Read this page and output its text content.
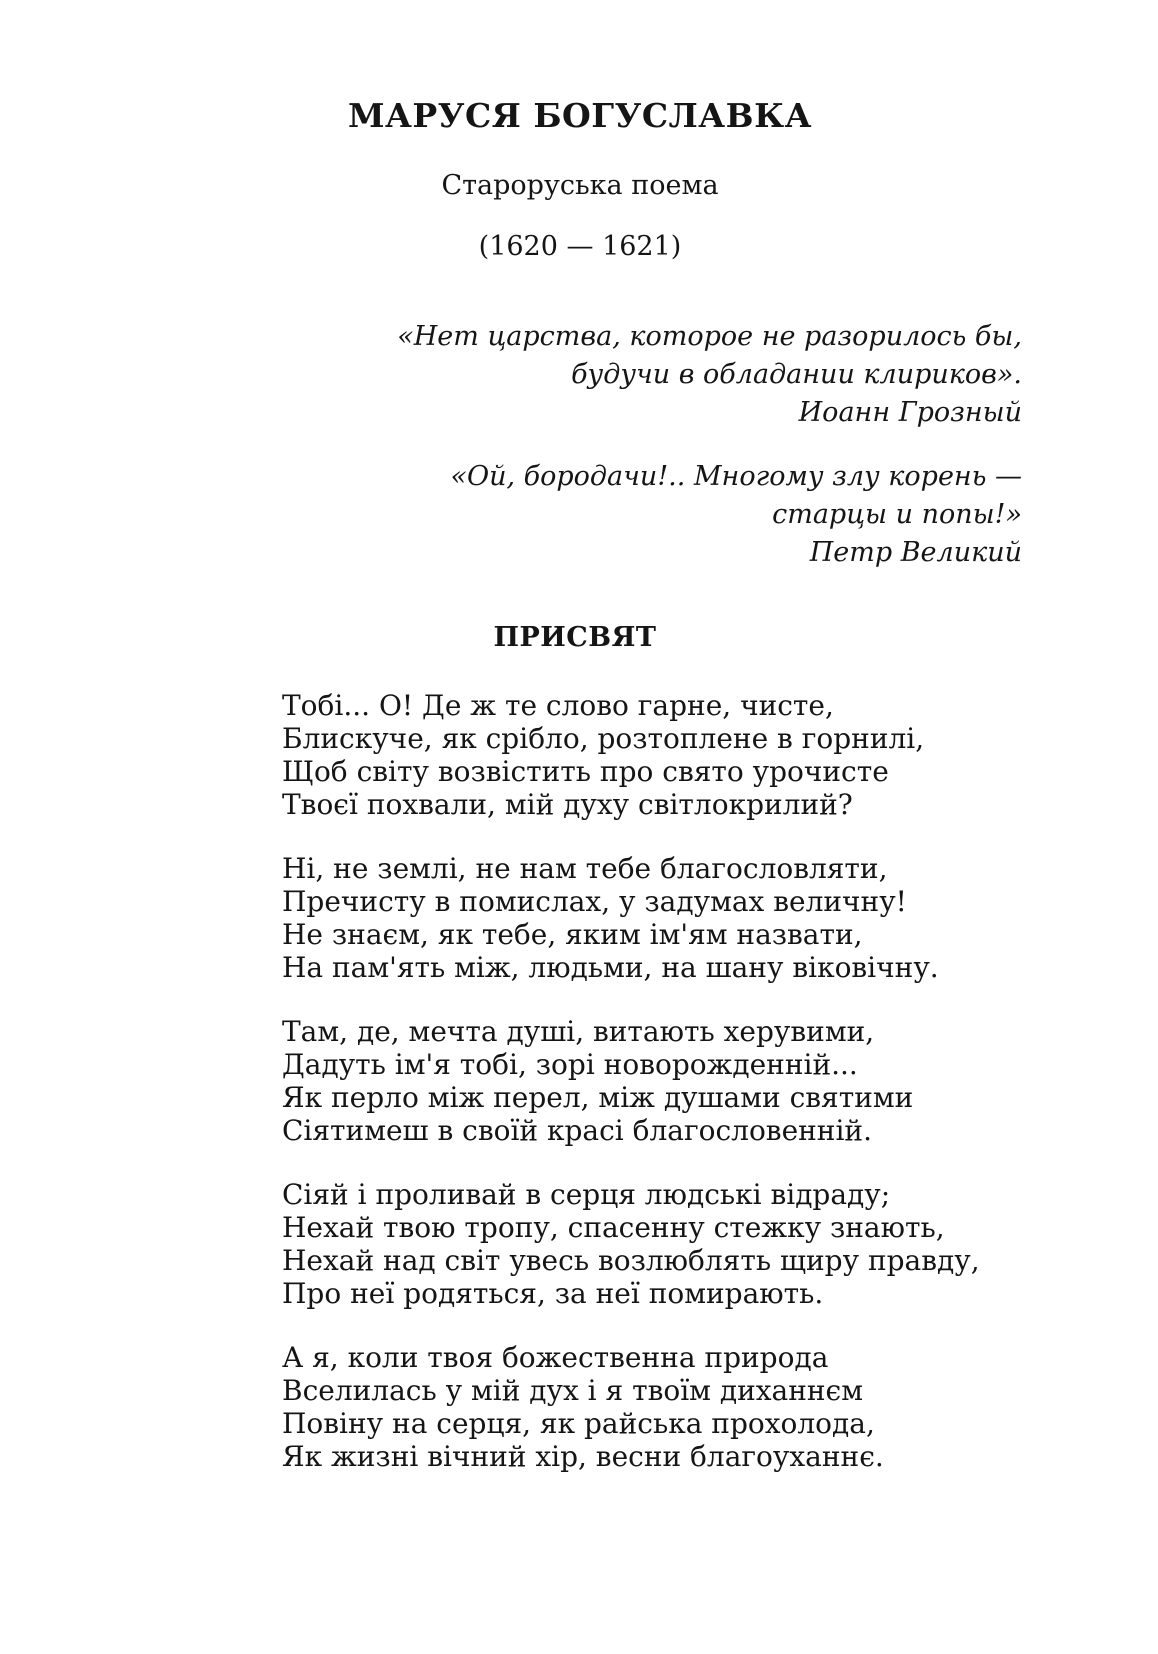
МАРУСЯ БОГУСЛАВКА
Староруська поема
(1620 — 1621)
«Нет царства, которое не разорилось бы,
будучи в обладании клириков».
Иоанн Грозный
«Ой, бородачи!.. Многому злу корень —
старцы и попы!»
Петр Великий
ПРИСВЯТ
Тобі... О! Де ж те слово гарне, чисте,
Блискуче, як срібло, розтоплене в горнилі,
Щоб світу возвістить про свято урочисте
Твоєї похвали, мій духу світлокрилий?
Ні, не землі, не нам тебе благословляти,
Пречисту в помислах, у задумах величну!
Не знаєм, як тебе, яким ім'ям назвати,
На пам'ять між, людьми, на шану віковічну.
Там, де, мечта душі, витають херувими,
Дадуть ім'я тобі, зорі новорожденній...
Як перло між перел, між душами святими
Сіятимеш в своїй красі благословенній.
Сіяй і проливай в серця людські відраду;
Нехай твою тропу, спасенну стежку знають,
Нехай над світ увесь возлюблять щиру правду,
Про неї родяться, за неї помирають.
А я, коли твоя божественна природа
Вселилась у мій дух і я твоїм диханнєм
Повіну на серця, як райська прохолода,
Як жизні вічний хір, весни благоуханнє.
